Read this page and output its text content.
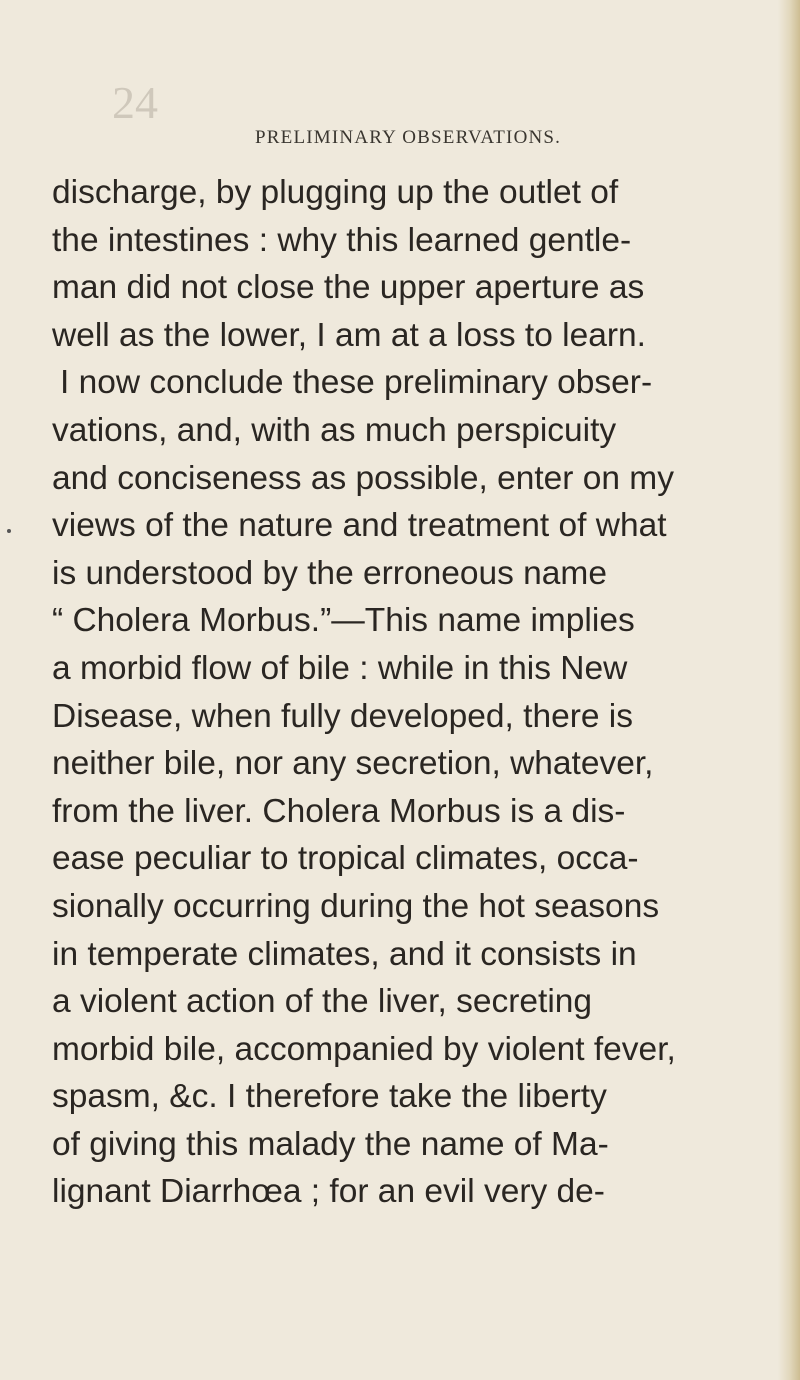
24
PRELIMINARY OBSERVATIONS.
discharge, by plugging up the outlet of
the intestines : why this learned gentle-
man did not close the upper aperture as
well as the lower, I am at a loss to learn.
I now conclude these preliminary obser-
vations, and, with as much perspicuity
and conciseness as possible, enter on my
views of the nature and treatment of what
is understood by the erroneous name
“ Cholera Morbus.”—This name implies
a morbid flow of bile : while in this New
Disease, when fully developed, there is
neither bile, nor any secretion, whatever,
from the liver. Cholera Morbus is a dis-
ease peculiar to tropical climates, occa-
sionally occurring during the hot seasons
in temperate climates, and it consists in
a violent action of the liver, secreting
morbid bile, accompanied by violent fever,
spasm, &c. I therefore take the liberty
of giving this malady the name of Ma-
lignant Diarrhœa ; for an evil very de-
